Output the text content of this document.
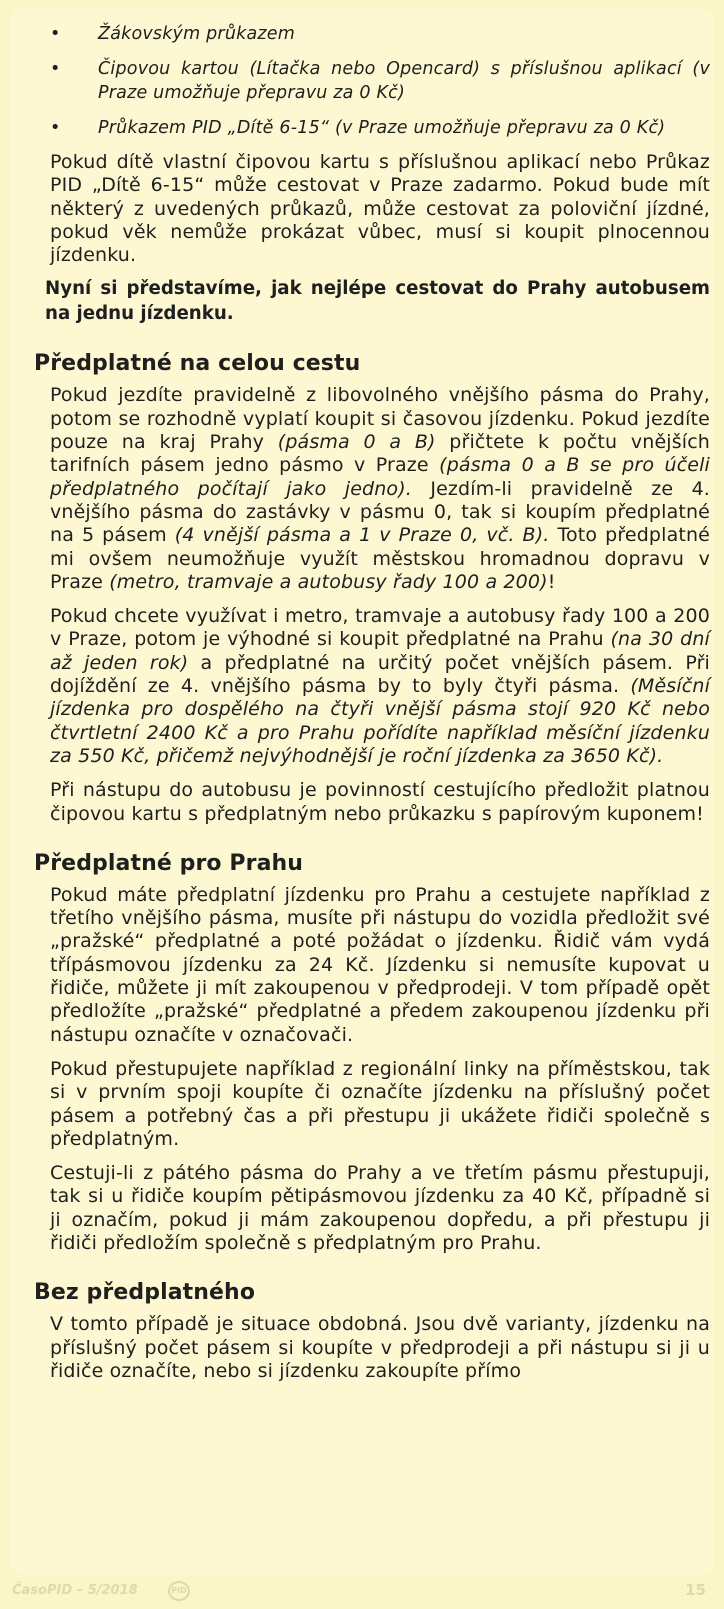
• Žákovským průkazem
• Čipovou kartou (Lítačka nebo Opencard) s příslušnou aplikací (v Praze umožňuje přepravu za 0 Kč)
• Průkazem PID „Dítě 6-15“ (v Praze umožňuje přepravu za 0 Kč)

Pokud dítě vlastní čipovou kartu s příslušnou aplikací nebo Průkaz PID „Dítě 6-15“ může cestovat v Praze zadarmo. Pokud bude mít některý z uvedených průkazů, může cestovat za poloviční jízdné, pokud věk nemůže prokázat vůbec, musí si koupit plnocennou jízdenku.

Nyní si představíme, jak nejlépe cestovat do Prahy autobusem na jednu jízdenku.

Předplatné na celou cestu

Pokud jezdíte pravidelně z libovolného vnějšího pásma do Prahy, potom se rozhodně vyplatí koupit si časovou jízdenku. Pokud jezdíte pouze na kraj Prahy (pásma 0 a B) přičtete k počtu vnějších tarifních pásem jedno pásmo v Praze (pásma 0 a B se pro účeli předplatného počítají jako jedno). Jezdím-li pravidelně ze 4. vnějšího pásma do zastávky v pásmu 0, tak si koupím předplatné na 5 pásem (4 vnější pásma a 1 v Praze 0, vč. B). Toto předplatné mi ovšem neumožňuje využít městskou hromadnou dopravu v Praze (metro, tramvaje a autobusy řady 100 a 200)!

Pokud chcete využívat i metro, tramvaje a autobusy řady 100 a 200 v Praze, potom je výhodné si koupit předplatné na Prahu (na 30 dní až jeden rok) a předplatné na určitý počet vnějších pásem. Při dojíždění ze 4. vnějšího pásma by to byly čtyři pásma. (Měsíční jízdenka pro dospělého na čtyři vnější pásma stojí 920 Kč nebo čtvrtletní 2400 Kč a pro Prahu pořídíte například měsíční jízdenku za 550 Kč, přičemž nejvýhodnější je roční jízdenka za 3650 Kč).

Při nástupu do autobusu je povinností cestujícího předložit platnou čipovou kartu s předplatným nebo průkazku s papírovým kuponem!

Předplatné pro Prahu

Pokud máte předplatní jízdenku pro Prahu a cestujete například z třetího vnějšího pásma, musíte při nástupu do vozidla předložit své „pražské“ předplatné a poté požádat o jízdenku. Řidič vám vydá třípásmovou jízdenku za 24 Kč. Jízdenku si nemusíte kupovat u řidiče, můžete ji mít zakoupenou v předprodeji. V tom případě opět předložíte „pražské“ předplatné a předem zakoupenou jízdenku při nástupu označíte v označovači.

Pokud přestupujete například z regionální linky na příměstskou, tak si v prvním spoji koupíte či označíte jízdenku na příslušný počet pásem a potřebný čas a při přestupu ji ukážete řidiči společně s předplatným.

Cestuji-li z pátého pásma do Prahy a ve třetím pásmu přestupuji, tak si u řidiče koupím pětipásmovou jízdenku za 40 Kč, případně si ji označím, pokud ji mám zakoupenou dopředu, a při přestupu ji řidiči předložím společně s předplatným pro Prahu.

Bez předplatného

V tomto případě je situace obdobná. Jsou dvě varianty, jízdenku na příslušný počet pásem si koupíte v předprodeji a při nástupu si ji u řidiče označíte, nebo si jízdenku zakoupíte přímo

ČasoPID – 5/2018	PID	15
